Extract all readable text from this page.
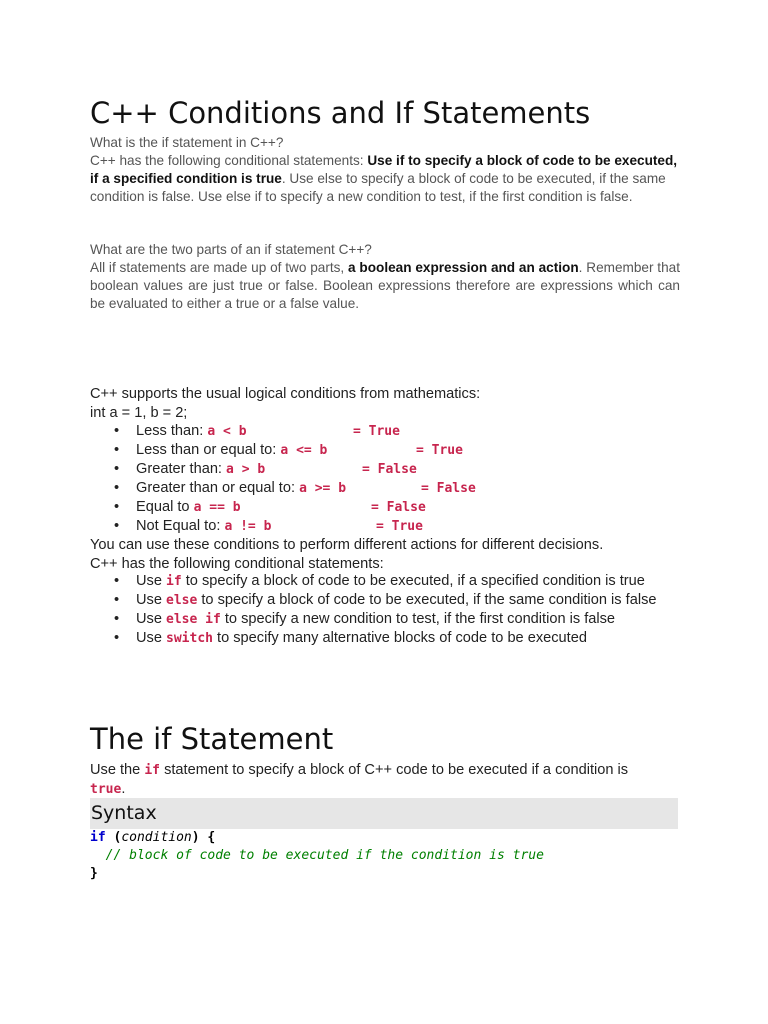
C++ Conditions and If Statements
What is the if statement in C++?
C++ has the following conditional statements: Use if to specify a block of code to be executed, if a specified condition is true. Use else to specify a block of code to be executed, if the same condition is false. Use else if to specify a new condition to test, if the first condition is false.
What are the two parts of an if statement C++?
All if statements are made up of two parts, a boolean expression and an action. Remember that boolean values are just true or false. Boolean expressions therefore are expressions which can be evaluated to either a true or a false value.
C++ supports the usual logical conditions from mathematics:
int a = 1, b = 2;
• Less than: a < b	= True
• Less than or equal to: a <= b	= True
• Greater than: a > b	= False
• Greater than or equal to: a >= b	= False
• Equal to a == b	= False
• Not Equal to: a != b	= True
You can use these conditions to perform different actions for different decisions.
C++ has the following conditional statements:
• Use if to specify a block of code to be executed, if a specified condition is true
• Use else to specify a block of code to be executed, if the same condition is false
• Use else if to specify a new condition to test, if the first condition is false
• Use switch to specify many alternative blocks of code to be executed
The if Statement
Use the if statement to specify a block of C++ code to be executed if a condition is true.
Syntax
if (condition) {
// block of code to be executed if the condition is true
}
